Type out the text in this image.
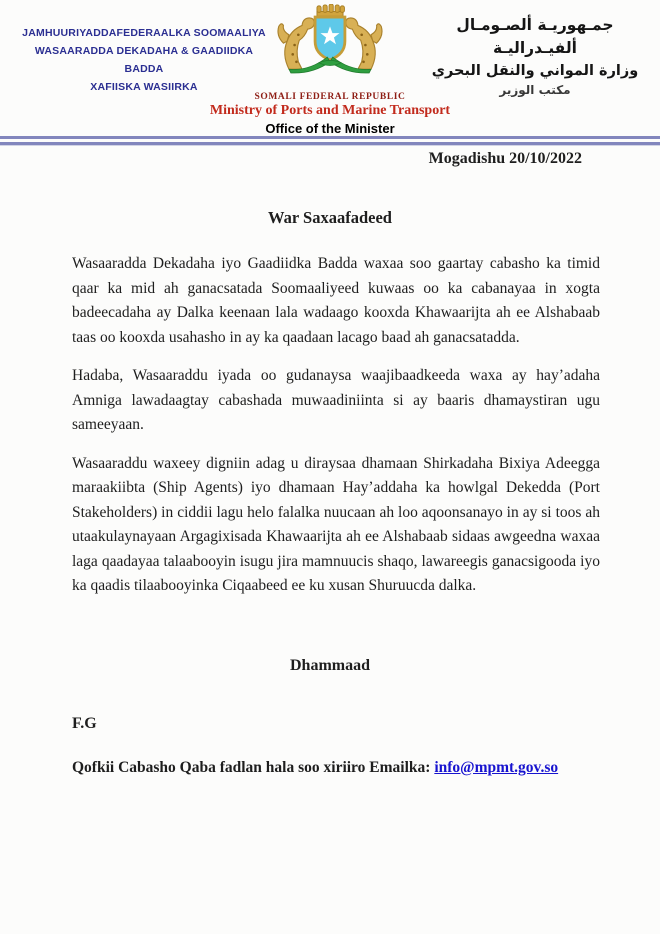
JAMHUURIYADDAFEDERAALKA SOOMAALIYA
WASAARADDA DEKADAHA & GAADIIDKA BADDA
XAFIISKA WASIIRKA
SOMALI FEDERAL REPUBLIC
Ministry of Ports and Marine Transport
Office of the Minister
جمـهوريـة ألصـومـال ألفيـدراليـة
وزارة المواني والنقل البحري
مكتب الوزير
Mogadishu 20/10/2022
War Saxaafadeed

Wasaaradda Dekadaha iyo Gaadiidka Badda waxaa soo gaartay cabasho ka timid qaar ka mid ah ganacsatada Soomaaliyeed kuwaas oo ka cabanayaa in xogta badeecadaha ay Dalka keenaan lala wadaago kooxda Khawaarijta ah ee Alshabaab taas oo kooxda usahasho in ay ka qaadaan lacago baad ah ganacsatadda.

Hadaba, Wasaaraddu iyada oo gudanaysa waajibaadkeeda waxa ay hay’adaha Amniga lawadaagtay cabashada muwaadiniinta si ay baaris dhamaystiran ugu sameeyaan.

Wasaaraddu waxeey digniin adag u diraysaa dhamaan Shirkadaha Bixiya Adeegga maraakiibta (Ship Agents) iyo dhamaan Hay’addaha ka howlgal Dekedda (Port Stakeholders) in ciddii lagu helo falalka nuucaan ah loo aqoonsanayo in ay si toos ah utaakulaynayaan Argagixisada Khawaarijta ah ee Alshabaab sidaas awgeedna waxaa laga qaadayaa talaabooyin isugu jira mamnuucis shaqo, lawareegis ganacsigooda iyo ka qaadis tilaabooyinka Ciqaabeed ee ku xusan Shuruucda dalka.

Dhammaad
F.G
Qofkii Cabasho Qaba fadlan hala soo xiriiro Emailka: info@mpmt.gov.so
